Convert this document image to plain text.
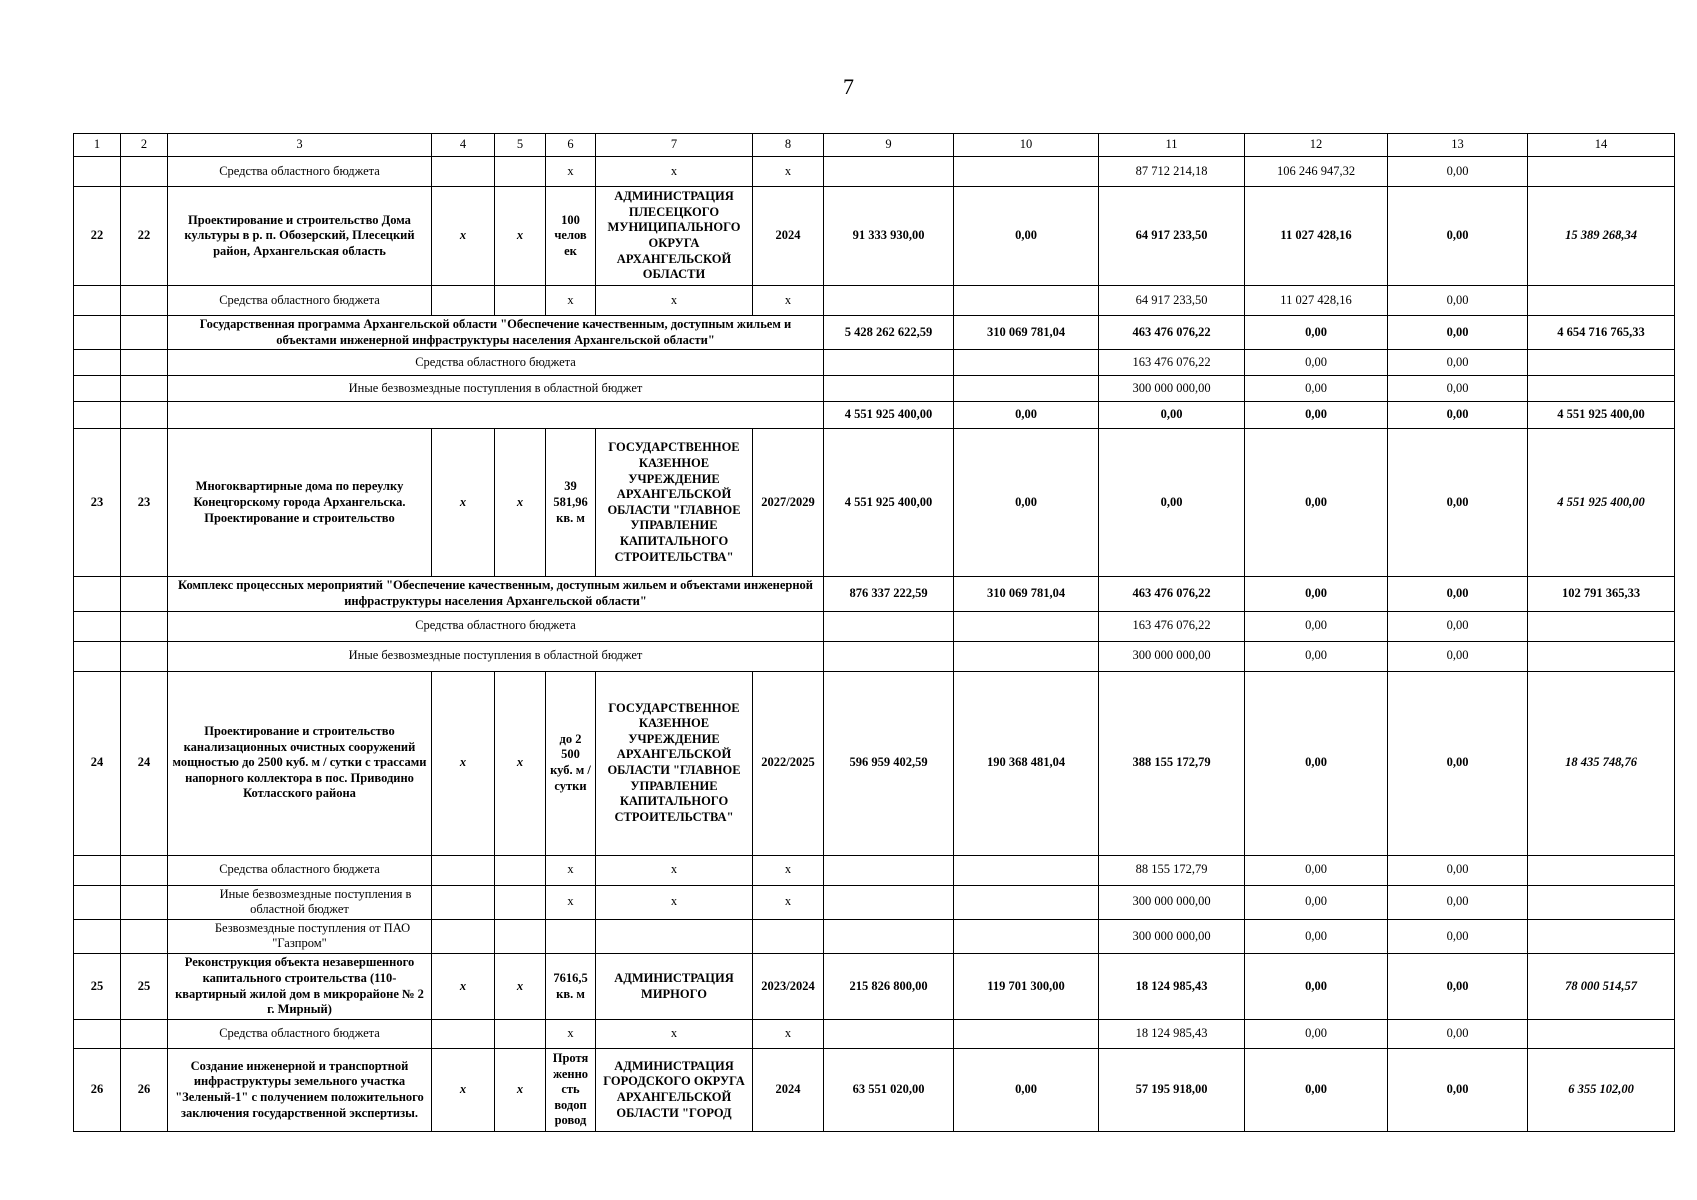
7
1	2	3	4	5	6	7	8	9	10	11	12	13	14
		Средства областного бюджета			х	х	х			87 712 214,18	106 246 947,32	0,00	
22	22	Проектирование и строительство Дома культуры в р. п. Обозерский, Плесецкий район, Архангельская область	х	х	100 челов ек	АДМИНИСТРАЦИЯ ПЛЕСЕЦКОГО МУНИЦИПАЛЬНОГО ОКРУГА АРХАНГЕЛЬСКОЙ ОБЛАСТИ	2024	91 333 930,00	0,00	64 917 233,50	11 027 428,16	0,00	15 389 268,34
		Средства областного бюджета			х	х	х			64 917 233,50	11 027 428,16	0,00	
		Государственная программа Архангельской области "Обеспечение качественным, доступным жильем и объектами инженерной инфраструктуры населения Архангельской области"						5 428 262 622,59	310 069 781,04	463 476 076,22	0,00	0,00	4 654 716 765,33
		Средства областного бюджета								163 476 076,22	0,00	0,00	
		Иные безвозмездные поступления в областной бюджет								300 000 000,00	0,00	0,00	
								4 551 925 400,00	0,00	0,00	0,00	0,00	4 551 925 400,00
23	23	Многоквартирные дома по переулку Конецгорскому города Архангельска. Проектирование и строительство	х	х	39 581,96 кв. м	ГОСУДАРСТВЕННОЕ КАЗЕННОЕ УЧРЕЖДЕНИЕ АРХАНГЕЛЬСКОЙ ОБЛАСТИ "ГЛАВНОЕ УПРАВЛЕНИЕ КАПИТАЛЬНОГО СТРОИТЕЛЬСТВА"	2027/2029	4 551 925 400,00	0,00	0,00	0,00	0,00	4 551 925 400,00
		Комплекс процессных мероприятий "Обеспечение качественным, доступным жильем и объектами инженерной инфраструктуры населения Архангельской области"						876 337 222,59	310 069 781,04	463 476 076,22	0,00	0,00	102 791 365,33
		Средства областного бюджета								163 476 076,22	0,00	0,00	
		Иные безвозмездные поступления в областной бюджет								300 000 000,00	0,00	0,00	
24	24	Проектирование и строительство канализационных очистных сооружений мощностью до 2500 куб. м / сутки с трассами напорного коллектора в пос. Приводино Котласского района	х	х	до 2 500 куб. м / сутки	ГОСУДАРСТВЕННОЕ КАЗЕННОЕ УЧРЕЖДЕНИЕ АРХАНГЕЛЬСКОЙ ОБЛАСТИ "ГЛАВНОЕ УПРАВЛЕНИЕ КАПИТАЛЬНОГО СТРОИТЕЛЬСТВА"	2022/2025	596 959 402,59	190 368 481,04	388 155 172,79	0,00	0,00	18 435 748,76
		Средства областного бюджета			х	х	х			88 155 172,79	0,00	0,00	
		Иные безвозмездные поступления в областной бюджет			х	х	х			300 000 000,00	0,00	0,00	
		Безвозмездные поступления от ПАО "Газпром"								300 000 000,00	0,00	0,00	
25	25	Реконструкция объекта незавершенного капитального строительства (110-квартирный жилой дом в микрорайоне № 2 г. Мирный)	х	х	7616,5 кв. м	АДМИНИСТРАЦИЯ МИРНОГО	2023/2024	215 826 800,00	119 701 300,00	18 124 985,43	0,00	0,00	78 000 514,57
		Средства областного бюджета			х	х	х			18 124 985,43	0,00	0,00	
26	26	Создание инженерной и транспортной инфраструктуры земельного участка "Зеленый-1" с получением положительного заключения государственной экспертизы.	х	х	Протя женно сть водоп ровод	АДМИНИСТРАЦИЯ ГОРОДСКОГО ОКРУГА АРХАНГЕЛЬСКОЙ ОБЛАСТИ "ГОРОД	2024	63 551 020,00	0,00	57 195 918,00	0,00	0,00	6 355 102,00
